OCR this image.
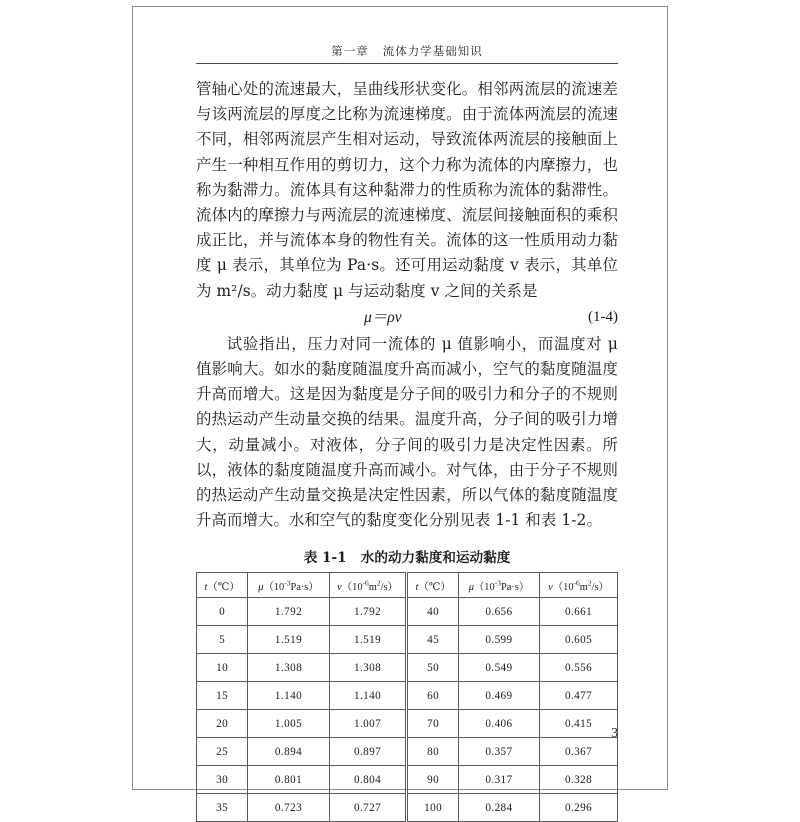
第一章 流体力学基础知识

管轴心处的流速最大，呈曲线形状变化。相邻两流层的流速差与该两流层的厚度之比称为流速梯度。由于流体两流层的流速不同，相邻两流层产生相对运动，导致流体两流层的接触面上产生一种相互作用的剪切力，这个力称为流体的内摩擦力，也称为黏滞力。流体具有这种黏滞力的性质称为流体的黏滞性。流体内的摩擦力与两流层的流速梯度、流层间接触面积的乘积成正比，并与流体本身的物性有关。流体的这一性质用动力黏度 μ 表示，其单位为 Pa·s。还可用运动黏度 v 表示，其单位为 m²/s。动力黏度 μ 与运动黏度 v 之间的关系是

μ＝ρv	(1-4)

试验指出，压力对同一流体的 μ 值影响小，而温度对 μ 值影响大。如水的黏度随温度升高而减小，空气的黏度随温度升高而增大。这是因为黏度是分子间的吸引力和分子的不规则的热运动产生动量交换的结果。温度升高，分子间的吸引力增大，动量减小。对液体，分子间的吸引力是决定性因素。所以，液体的黏度随温度升高而减小。对气体，由于分子不规则的热运动产生动量交换是决定性因素，所以气体的黏度随温度升高而增大。水和空气的黏度变化分别见表 1-1 和表 1-2。

表 1-1 水的动力黏度和运动黏度
t（℃）	$\mu(10^{-3}Pa\cdot s)$	$v(10^{-6}m^2/s)$	t（℃）	$\mu(10^{-3}Pa\cdot s)$	$v(10^{-6}m^2/s)$
0	1.792	1.792	40	0.656	0.661
5	1.519	1.519	45	0.599	0.605
10	1.308	1.308	50	0.549	0.556
15	1.140	1.140	60	0.469	0.477
20	1.005	1.007	70	0.406	0.415
25	0.894	0.897	80	0.357	0.367
30	0.801	0.804	90	0.317	0.328
35	0.723	0.727	100	0.284	0.296
3
